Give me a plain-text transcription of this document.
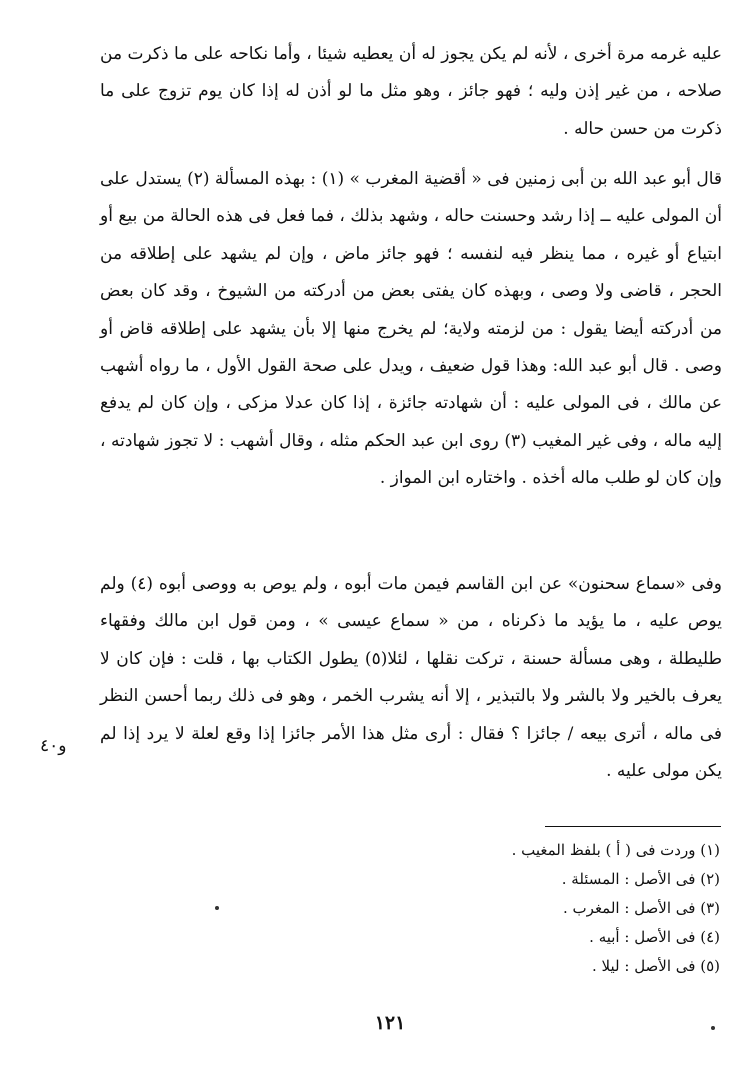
عليه غرمه مرة أخرى ، لأنه لم يكن يجوز له أن يعطيه شيئا ، وأما نكاحه على ما ذكرت من صلاحه ، من غير إذن وليه ؛ فهو جائز ، وهو مثل ما لو أذن له إذا كان يوم تزوج على ما ذكرت من حسن حاله .

قال أبو عبد الله بن أبى زمنين فى « أقضية المغرب » (١) : بهذه المسألة (٢) يستدل على أن المولى عليه ــ إذا رشد وحسنت حاله ، وشهد بذلك ، فما فعل فى هذه الحالة من بيع أو ابتياع أو غيره ، مما ينظر فيه لنفسه ؛ فهو جائز ماض ، وإن لم يشهد على إطلاقه من الحجر ، قاضى ولا وصى ، وبهذه كان يفتى بعض من أدركته من الشيوخ ، وقد كان بعض من أدركته أيضا يقول : من لزمته ولاية؛ لم يخرج منها إلا بأن يشهد على إطلاقه قاض أو وصى . قال أبو عبد الله: وهذا قول ضعيف ، ويدل على صحة القول الأول ، ما رواه أشهب عن مالك ، فى المولى عليه : أن شهادته جائزة ، إذا كان عدلا مزكى ، وإن كان لم يدفع إليه ماله ، وفى غير المغيب (٣) روى ابن عبد الحكم مثله ، وقال أشهب : لا تجوز شهادته ، وإن كان لو طلب ماله أخذه . واختاره ابن المواز .

وفى «سماع سحنون» عن ابن القاسم فيمن مات أبوه ، ولم يوص به ووصى أبوه (٤) ولم يوص عليه ، ما يؤيد ما ذكرناه ، من « سماع عيسى » ، ومن قول ابن مالك وفقهاء طليطلة ، وهى مسألة حسنة ، تركت نقلها ، لئلا(٥) يطول الكتاب بها ، قلت : فإن كان لا يعرف بالخير ولا بالشر ولا بالتبذير ، إلا أنه يشرب الخمر ، وهو فى ذلك ربما أحسن النظر فى ماله ، أترى بيعه / جائزا ؟ فقال : أرى مثل هذا الأمر جائزا إذا وقع لعلة لا يرد إذا لم يكن مولى عليه .

و٤٠
(١) وردت فى ( أ ) بلفظ المغيب .
(٢) فى الأصل : المسئلة .
(٣) فى الأصل : المغرب .
(٤) فى الأصل : أبيه .
(٥) فى الأصل : ليلا .
١٢١
